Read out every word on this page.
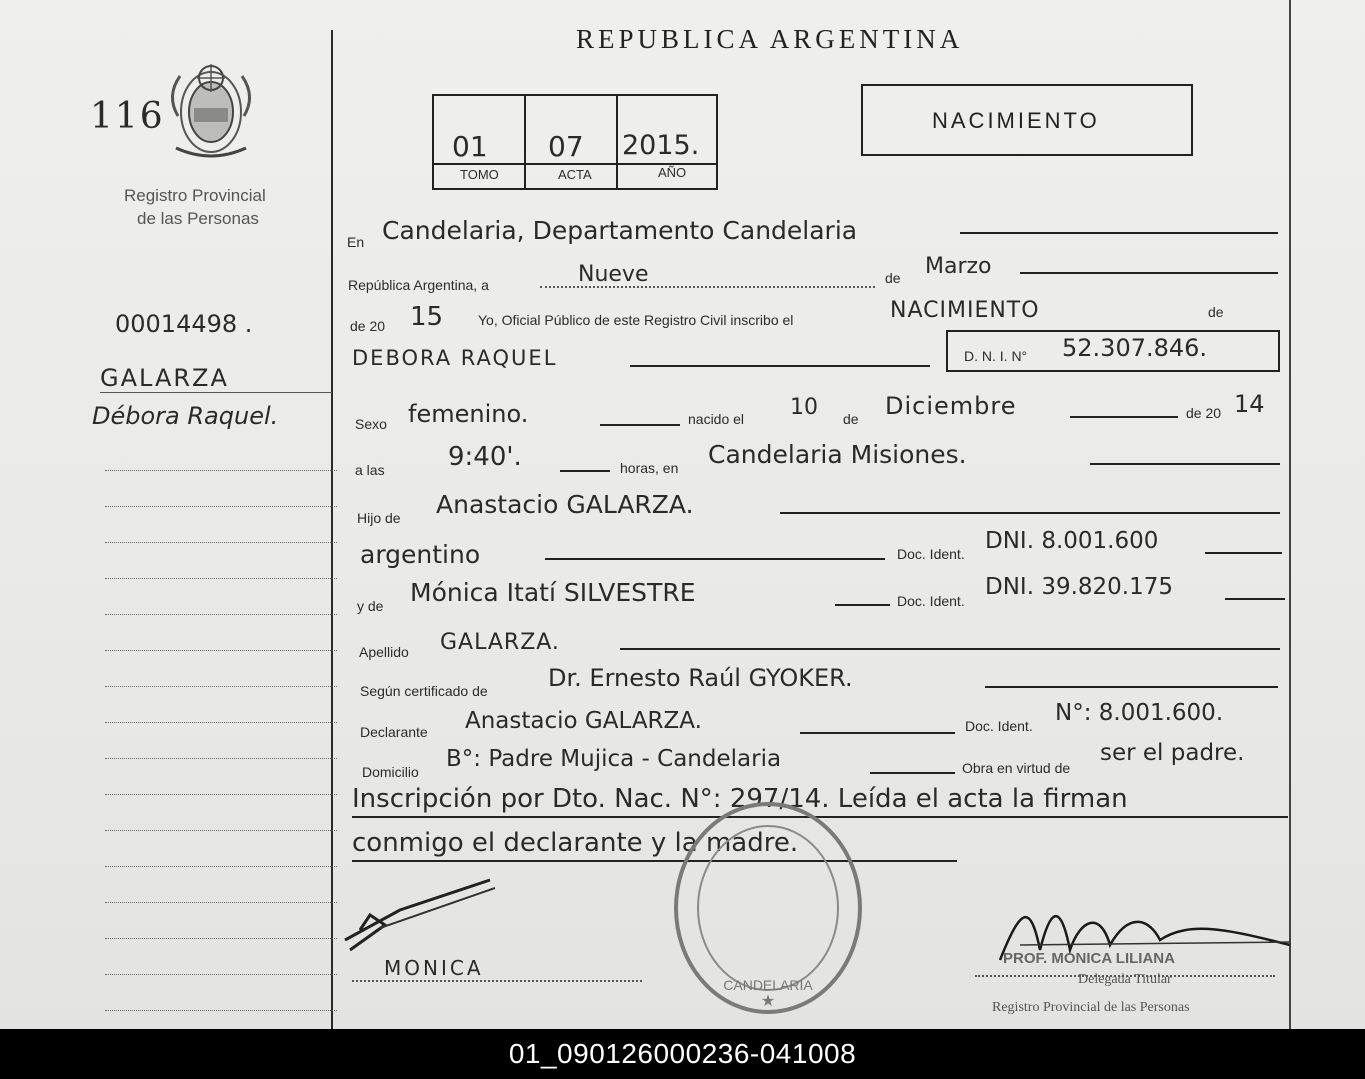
116
Registro Provincial
de las Personas
00014498 .
GALARZA
Débora Raquel.
REPUBLICA ARGENTINA
01 07 2015.
TOMO	ACTA	AÑO
NACIMIENTO
En Candelaria, Departamento Candelaria
República Argentina, a	Nueve	de Marzo
de 20 15 Yo, Oficial Público de este Registro Civil inscribo el	NACIMIENTO	de
DEBORA RAQUEL	D. N. I. N° 52.307.846.
Sexo femenino.	nacido el 10 de Diciembre	de 20 14
a las 9:40'.	horas, en Candelaria Misiones.
Hijo de Anastacio GALARZA.
argentino	Doc. Ident. DNI. 8.001.600
y de Mónica Itatí SILVESTRE	Doc. Ident.
DNI. 39.820.175
Apellido GALARZA.
Según certificado de	Dr. Ernesto Raúl GYOKER.
Declarante Anastacio GALARZA.	Doc. Ident. N°: 8.001.600.
Domicilio B°: Padre Mujica - Candelaria	Obra en virtud de
ser el padre.
Inscripción por Dto. Nac. N°: 297/14. Leída el acta la firman
conmigo el declarante y la madre.
CANDELARIA
★
MONICA	PROF. MONICA LILIANA
Delegada Titular
Registro Provincial de las Personas
01_090126000236-041008
